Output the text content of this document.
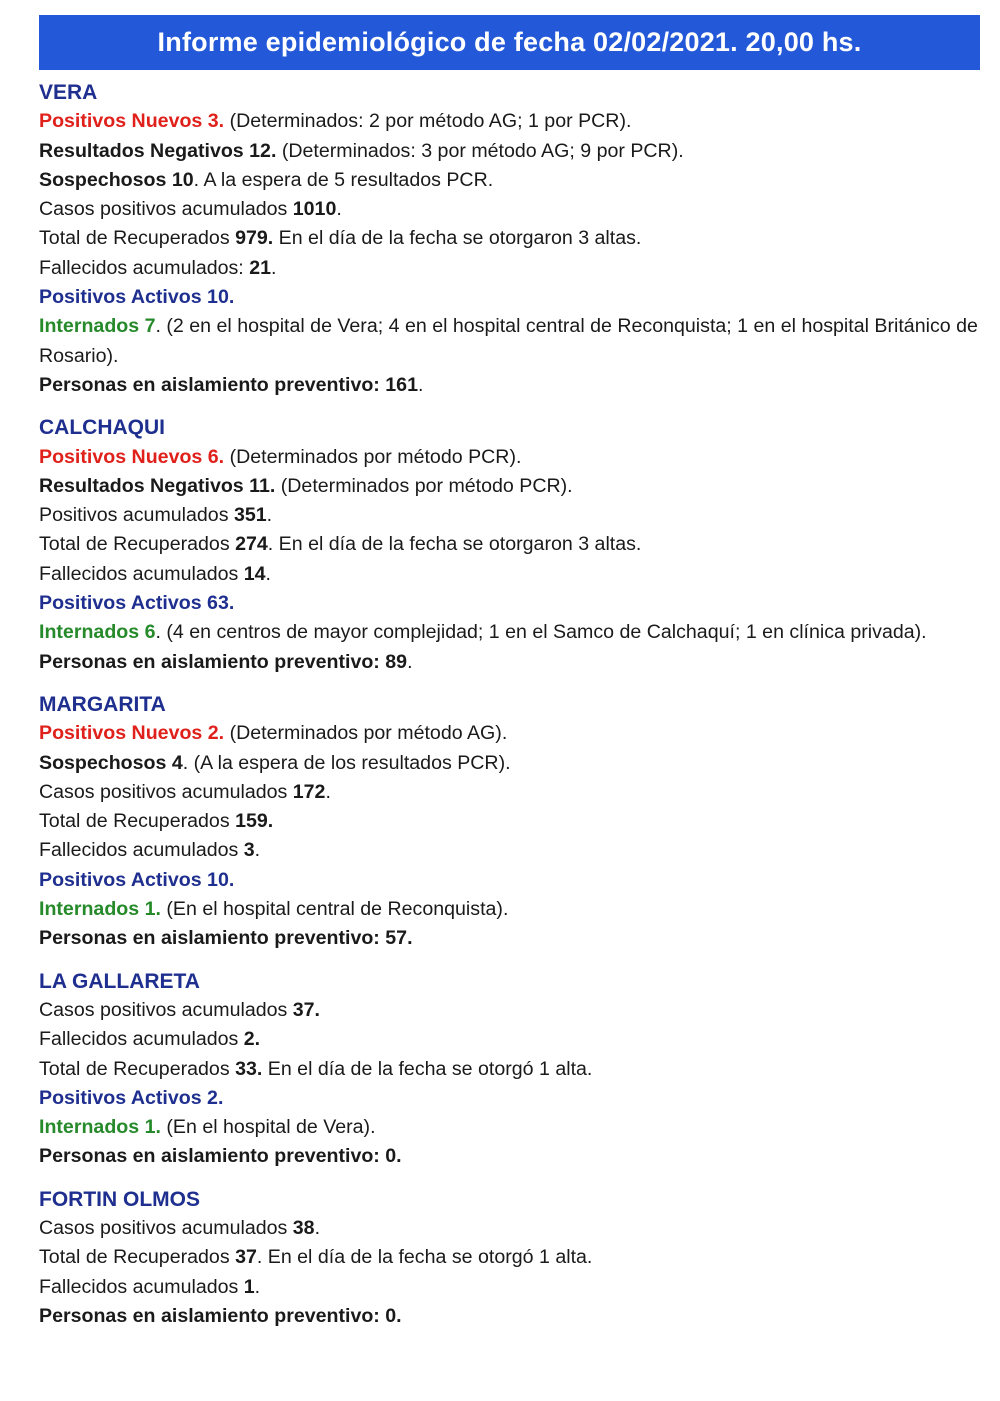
Informe epidemiológico de fecha 02/02/2021. 20,00 hs.
VERA
Positivos Nuevos 3. (Determinados: 2 por método AG; 1 por PCR).
Resultados Negativos 12. (Determinados: 3 por método AG; 9 por PCR).
Sospechosos 10. A la espera de 5 resultados PCR.
Casos positivos acumulados 1010.
Total de Recuperados 979. En el día de la fecha se otorgaron 3 altas.
Fallecidos acumulados: 21.
Positivos Activos 10.
Internados 7. (2 en el hospital de Vera; 4 en el hospital central de Reconquista; 1 en el hospital Británico de Rosario).
Personas en aislamiento preventivo: 161.
CALCHAQUI
Positivos Nuevos 6. (Determinados por método PCR).
Resultados Negativos 11. (Determinados por método PCR).
Positivos acumulados 351.
Total de Recuperados 274. En el día de la fecha se otorgaron 3 altas.
Fallecidos acumulados 14.
Positivos Activos 63.
Internados 6. (4 en centros de mayor complejidad; 1 en el Samco de Calchaquí; 1 en clínica privada).
Personas en aislamiento preventivo: 89.
MARGARITA
Positivos Nuevos 2. (Determinados por método AG).
Sospechosos 4. (A la espera de los resultados PCR).
Casos positivos acumulados 172.
Total de Recuperados 159.
Fallecidos acumulados 3.
Positivos Activos 10.
Internados 1. (En el hospital central de Reconquista).
Personas en aislamiento preventivo: 57.
LA GALLARETA
Casos positivos acumulados 37.
Fallecidos acumulados 2.
Total de Recuperados 33. En el día de la fecha se otorgó 1 alta.
Positivos Activos 2.
Internados 1. (En el hospital de Vera).
Personas en aislamiento preventivo: 0.
FORTIN OLMOS
Casos positivos acumulados 38.
Total de Recuperados 37. En el día de la fecha se otorgó 1 alta.
Fallecidos acumulados 1.
Personas en aislamiento preventivo: 0.
